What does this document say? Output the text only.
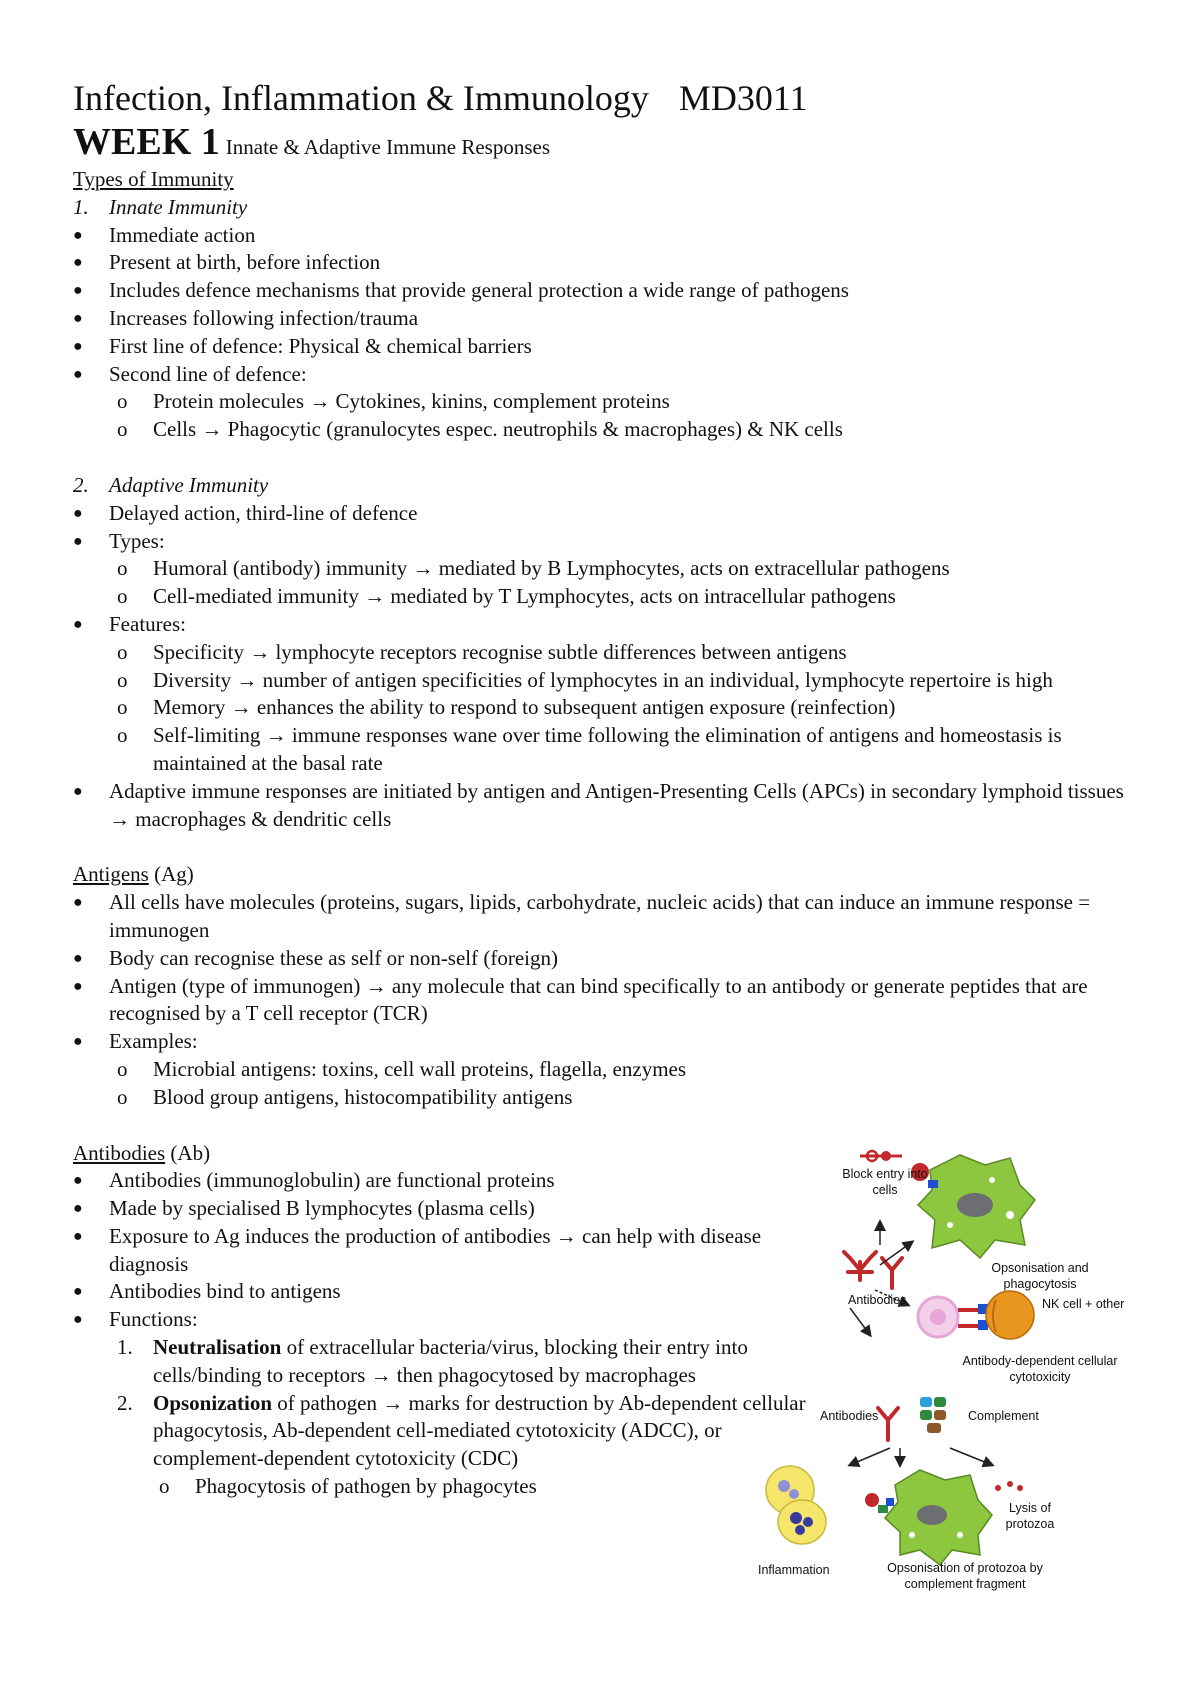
Infection, Inflammation & Immunology MD3011
WEEK 1 Innate & Adaptive Immune Responses
Types of Immunity
1. Innate Immunity
● Immediate action
● Present at birth, before infection
● Includes defence mechanisms that provide general protection a wide range of pathogens
● Increases following infection/trauma
● First line of defence: Physical & chemical barriers
● Second line of defence:
o Protein molecules → Cytokines, kinins, complement proteins
o Cells → Phagocytic (granulocytes espec. neutrophils & macrophages) & NK cells
2. Adaptive Immunity
● Delayed action, third-line of defence
● Types:
o Humoral (antibody) immunity → mediated by B Lymphocytes, acts on extracellular pathogens
o Cell-mediated immunity → mediated by T Lymphocytes, acts on intracellular pathogens
● Features:
o Specificity → lymphocyte receptors recognise subtle differences between antigens
o Diversity → number of antigen specificities of lymphocytes in an individual, lymphocyte repertoire is high
o Memory → enhances the ability to respond to subsequent antigen exposure (reinfection)
o Self-limiting → immune responses wane over time following the elimination of antigens and homeostasis is maintained at the basal rate
● Adaptive immune responses are initiated by antigen and Antigen-Presenting Cells (APCs) in secondary lymphoid tissues → macrophages & dendritic cells
Antigens (Ag)
● All cells have molecules (proteins, sugars, lipids, carbohydrate, nucleic acids) that can induce an immune response = immunogen
● Body can recognise these as self or non-self (foreign)
● Antigen (type of immunogen) → any molecule that can bind specifically to an antibody or generate peptides that are recognised by a T cell receptor (TCR)
● Examples:
o Microbial antigens: toxins, cell wall proteins, flagella, enzymes
o Blood group antigens, histocompatibility antigens
Antibodies (Ab)
● Antibodies (immunoglobulin) are functional proteins
● Made by specialised B lymphocytes (plasma cells)
● Exposure to Ag induces the production of antibodies → can help with disease diagnosis
● Antibodies bind to antigens
● Functions:
1. Neutralisation of extracellular bacteria/virus, blocking their entry into cells/binding to receptors → then phagocytosed by macrophages
2. Opsonization of pathogen → marks for destruction by Ab-dependent cellular phagocytosis, Ab-dependent cell-mediated cytotoxicity (ADCC), or complement-dependent cytotoxicity (CDC)
o Phagocytosis of pathogen by phagocytes
Block entry into cells
Opsonisation and phagocytosis
Antibodies	NK cell + other
Antibody-dependent cellular cytotoxicity
Antibodies	Complement
Lysis of protozoa
Inflammation	Opsonisation of protozoa by complement fragment
